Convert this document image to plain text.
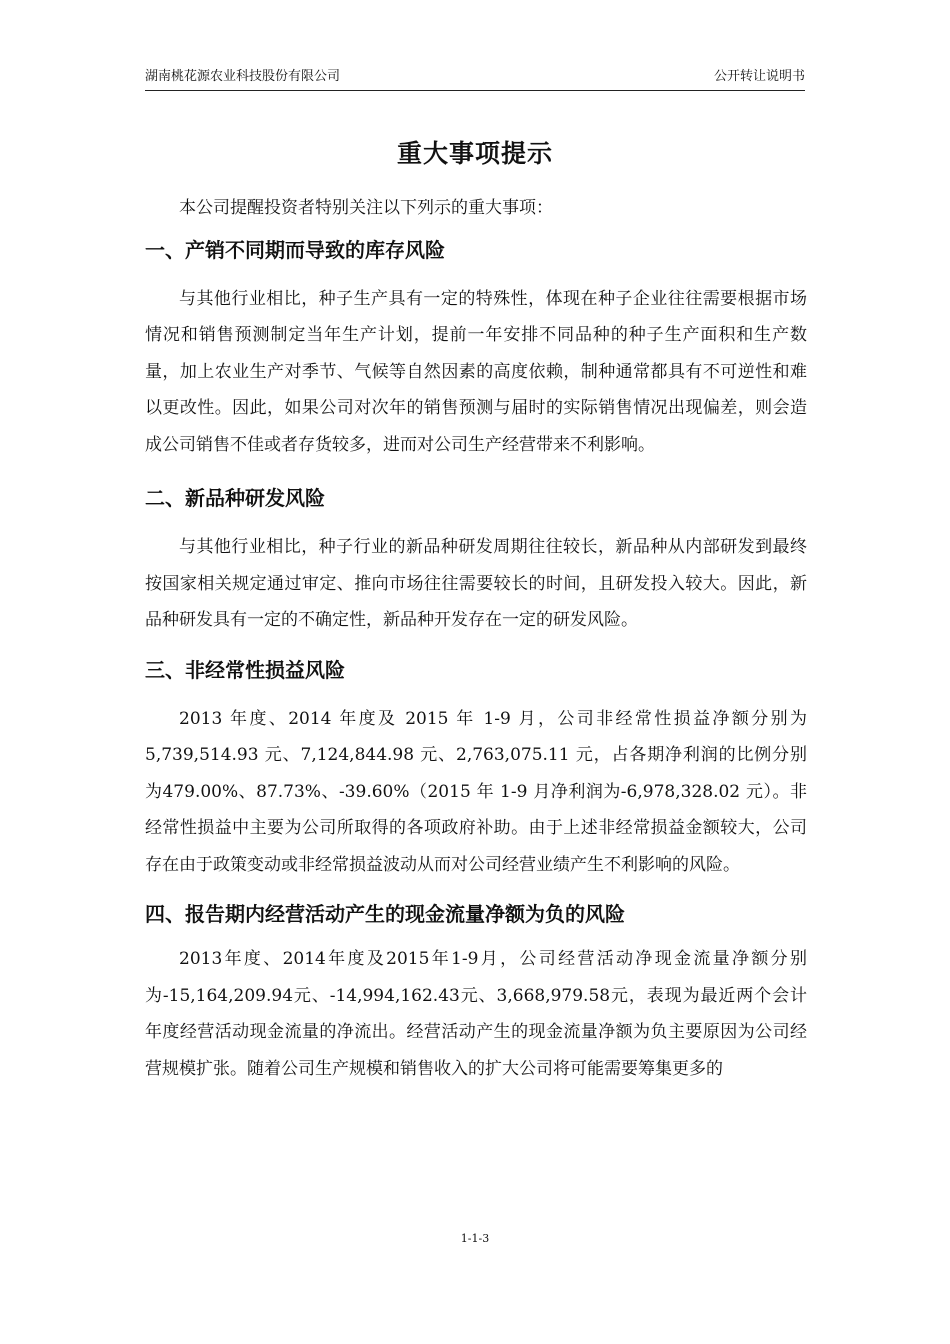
湖南桃花源农业科技股份有限公司	公开转让说明书
重大事项提示

本公司提醒投资者特别关注以下列示的重大事项：

一、产销不同期而导致的库存风险

与其他行业相比，种子生产具有一定的特殊性，体现在种子企业往往需要根据市场情况和销售预测制定当年生产计划，提前一年安排不同品种的种子生产面积和生产数量，加上农业生产对季节、气候等自然因素的高度依赖，制种通常都具有不可逆性和难以更改性。因此，如果公司对次年的销售预测与届时的实际销售情况出现偏差，则会造成公司销售不佳或者存货较多，进而对公司生产经营带来不利影响。

二、新品种研发风险

与其他行业相比，种子行业的新品种研发周期往往较长，新品种从内部研发到最终按国家相关规定通过审定、推向市场往往需要较长的时间，且研发投入较大。因此，新品种研发具有一定的不确定性，新品种开发存在一定的研发风险。

三、非经常性损益风险

2013 年度、2014 年度及 2015 年 1-9 月，公司非经常性损益净额分别为5,739,514.93 元、7,124,844.98 元、2,763,075.11 元，占各期净利润的比例分别为479.00%、87.73%、-39.60%（2015 年 1-9 月净利润为-6,978,328.02 元）。非经常性损益中主要为公司所取得的各项政府补助。由于上述非经常损益金额较大，公司存在由于政策变动或非经常损益波动从而对公司经营业绩产生不利影响的风险。

四、报告期内经营活动产生的现金流量净额为负的风险

2013年度、2014年度及2015年1-9月，公司经营活动净现金流量净额分别为-15,164,209.94元、-14,994,162.43元、3,668,979.58元，表现为最近两个会计年度经营活动现金流量的净流出。经营活动产生的现金流量净额为负主要原因为公司经营规模扩张。随着公司生产规模和销售收入的扩大公司将可能需要筹集更多的

1-1-3
